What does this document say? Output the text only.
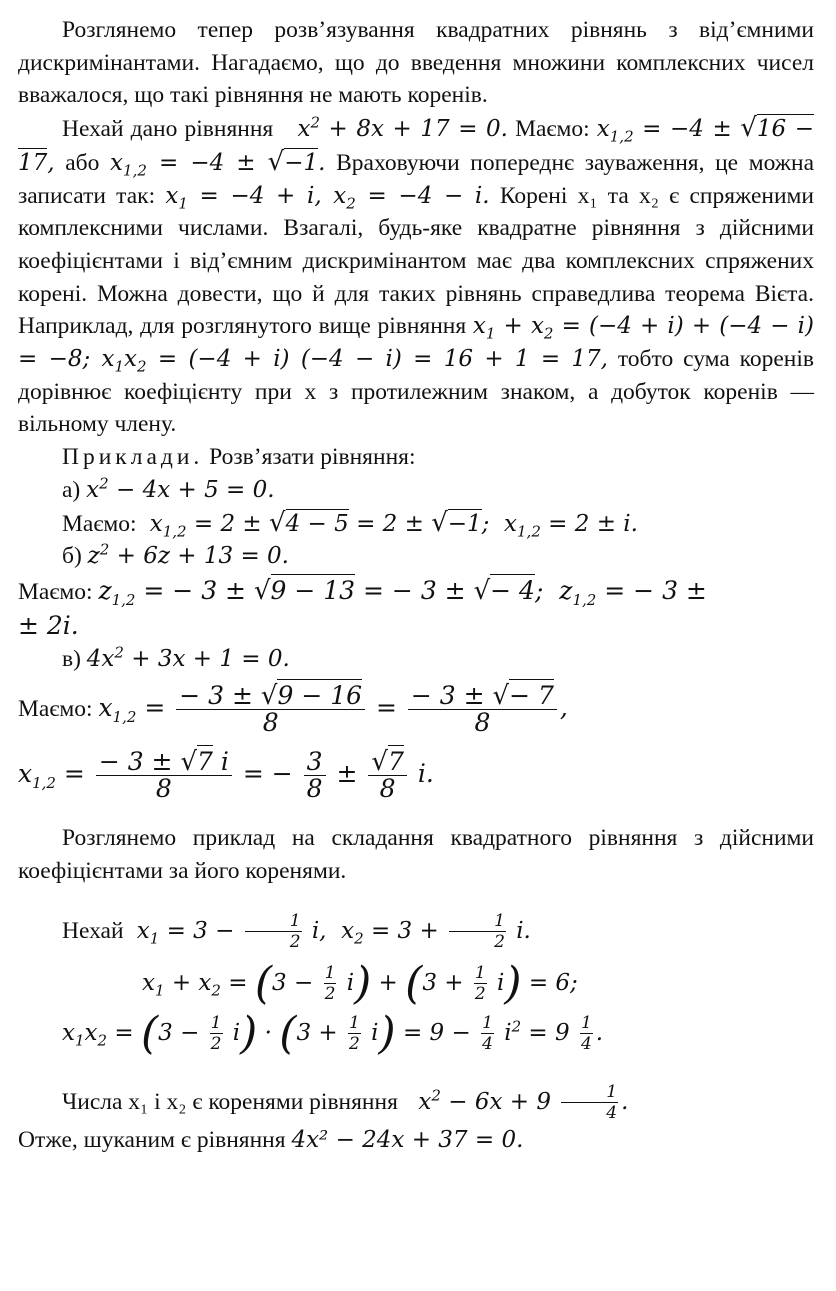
Розглянемо тепер розв’язування квадратних рівнянь з від’ємними дискримінантами. Нагадаємо, що до введення множини комплексних чисел вважалося, що такі рівняння не мають коренів.

Нехай дано рівняння   $x^2 + 8x + 17 = 0$. Маємо: $x_{1,2} = -4 \pm √16 - 17$, або $x_{1,2} = -4 \pm √-1$. Враховуючи попереднє зауваження, це можна записати так: $x_1 = -4 + i$, $x_2 = -4 - i$. Корені x₁ та x₂ є спряженими комплексними числами. Взагалі, будь-яке квадратне рівняння з дійсними коефіцієнтами і від’ємним дискримінантом має два комплексних спряжених корені. Можна довести, що й для таких рівнянь справедлива теорема Вієта. Наприклад, для розглянутого вище рівняння $x_1 + x_2 = (-4 + i) + (-4 - i) = -8$; $x_1x_2 = (-4 + i) (-4 - i) = 16 + 1 = 17$, тобто сума коренів дорівнює коефіцієнту при x з протилежним знаком, а добуток коренів — вільному члену.

Приклади. Розв’язати рівняння:
а) $x^2 - 4x + 5 = 0$.
Маємо:  $x_{1,2} = 2 \pm √4 - 5 = 2 \pm √-1$;  $x_{1,2} = 2 \pm i$.
б) $z^2 + 6z + 13 = 0$.
Маємо: $z_{1,2}$ = − 3 ± √9 − 13 = − 3 ± √− 4;  $z_{1,2}$ = − 3 ±
± 2i.
в) $4x^2 + 3x + 1 = 0$.
Маємо: $x_{1,2} = \frac{- 3 \pm √9 - 16}{8} = \frac{- 3 \pm √- 7}{8}$ ,
$x_{1,2} = \frac{- 3 \pm √7 i}{8}$ = − $\frac{3}{8} \pm \frac{√7}{8} i$.

Розглянемо приклад на складання квадратного рівняння з дійсними коефіцієнтами за його коренями.

Нехай  $x_1 = 3 - \frac{1}{2} i$,  $x_2 = 3 + \frac{1}{2} i$.
$x_1 + x_2 = (3 - \frac{1}{2} i) + (3 + \frac{1}{2} i) = 6$;
$x_1x_2 = (3 - \frac{1}{2} i) \cdot (3 + \frac{1}{2} i) = 9 - \frac{1}{4} i^2 = 9 \frac{1}{4}$ .
Числа x₁ і x₂ є коренями рівняння   $x^2 - 6x + 9 \frac{1}{4}$ .
Отже, шуканим є рівняння 4x² − 24x + 37 = 0.
